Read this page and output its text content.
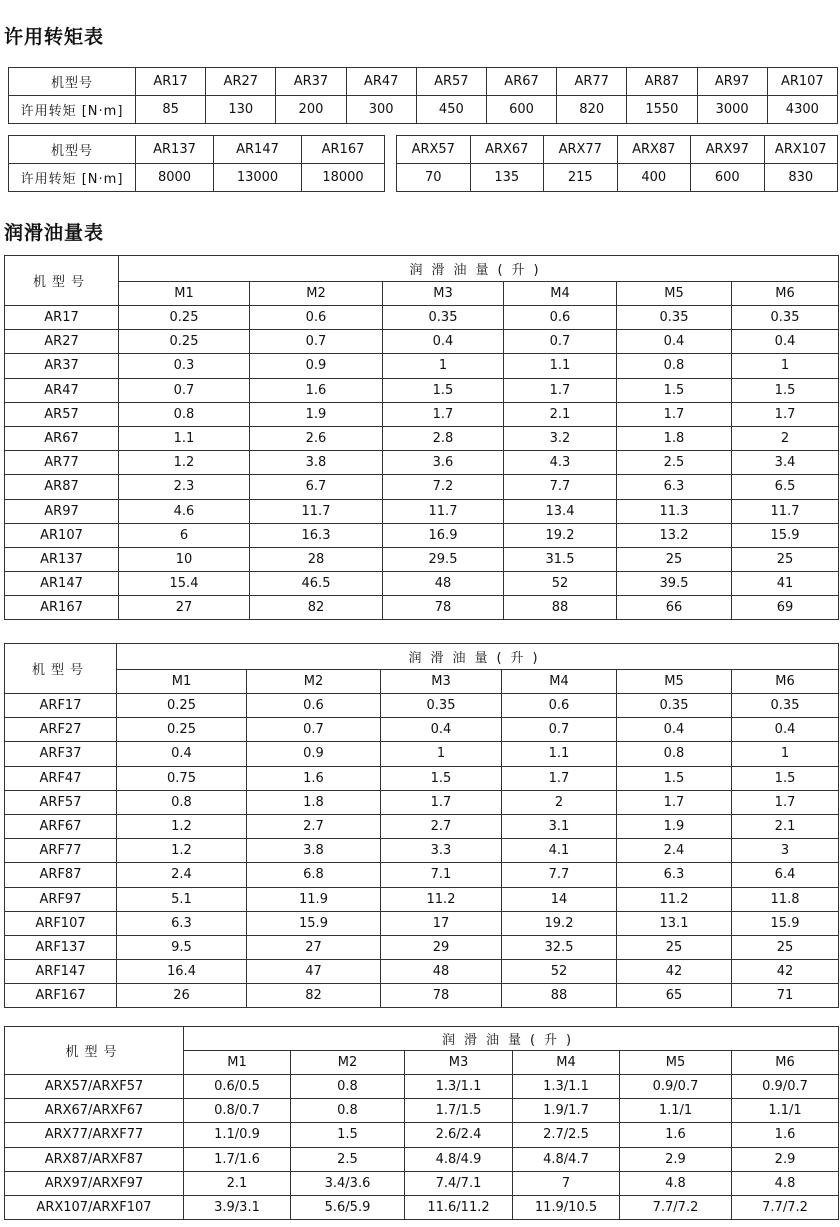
许用转矩表
机型号	AR17	AR27	AR37	AR47	AR57	AR67	AR77	AR87	AR97	AR107
许用转矩 [N·m]	85	130	200	300	450	600	820	1550	3000	4300
机型号	AR137	AR147	AR167		ARX57	ARX67	ARX77	ARX87	ARX97	ARX107
许用转矩 [N·m]	8000	13000	18000		70	135	215	400	600	830
润滑油量表
机型号	润滑油量(升)					
	M1	M2	M3	M4	M5	M6
AR17	0.25	0.6	0.35	0.6	0.35	0.35
AR27	0.25	0.7	0.4	0.7	0.4	0.4
AR37	0.3	0.9	1	1.1	0.8	1
AR47	0.7	1.6	1.5	1.7	1.5	1.5
AR57	0.8	1.9	1.7	2.1	1.7	1.7
AR67	1.1	2.6	2.8	3.2	1.8	2
AR77	1.2	3.8	3.6	4.3	2.5	3.4
AR87	2.3	6.7	7.2	7.7	6.3	6.5
AR97	4.6	11.7	11.7	13.4	11.3	11.7
AR107	6	16.3	16.9	19.2	13.2	15.9
AR137	10	28	29.5	31.5	25	25
AR147	15.4	46.5	48	52	39.5	41
AR167	27	82	78	88	66	69
机型号	润滑油量(升)					
	M1	M2	M3	M4	M5	M6
ARF17	0.25	0.6	0.35	0.6	0.35	0.35
ARF27	0.25	0.7	0.4	0.7	0.4	0.4
ARF37	0.4	0.9	1	1.1	0.8	1
ARF47	0.75	1.6	1.5	1.7	1.5	1.5
ARF57	0.8	1.8	1.7	2	1.7	1.7
ARF67	1.2	2.7	2.7	3.1	1.9	2.1
ARF77	1.2	3.8	3.3	4.1	2.4	3
ARF87	2.4	6.8	7.1	7.7	6.3	6.4
ARF97	5.1	11.9	11.2	14	11.2	11.8
ARF107	6.3	15.9	17	19.2	13.1	15.9
ARF137	9.5	27	29	32.5	25	25
ARF147	16.4	47	48	52	42	42
ARF167	26	82	78	88	65	71
机型号	润滑油量(升)					
	M1	M2	M3	M4	M5	M6
ARX57/ARXF57	0.6/0.5	0.8	1.3/1.1	1.3/1.1	0.9/0.7	0.9/0.7
ARX67/ARXF67	0.8/0.7	0.8	1.7/1.5	1.9/1.7	1.1/1	1.1/1
ARX77/ARXF77	1.1/0.9	1.5	2.6/2.4	2.7/2.5	1.6	1.6
ARX87/ARXF87	1.7/1.6	2.5	4.8/4.9	4.8/4.7	2.9	2.9
ARX97/ARXF97	2.1	3.4/3.6	7.4/7.1	7	4.8	4.8
ARX107/ARXF107	3.9/3.1	5.6/5.9	11.6/11.2	11.9/10.5	7.7/7.2	7.7/7.2
